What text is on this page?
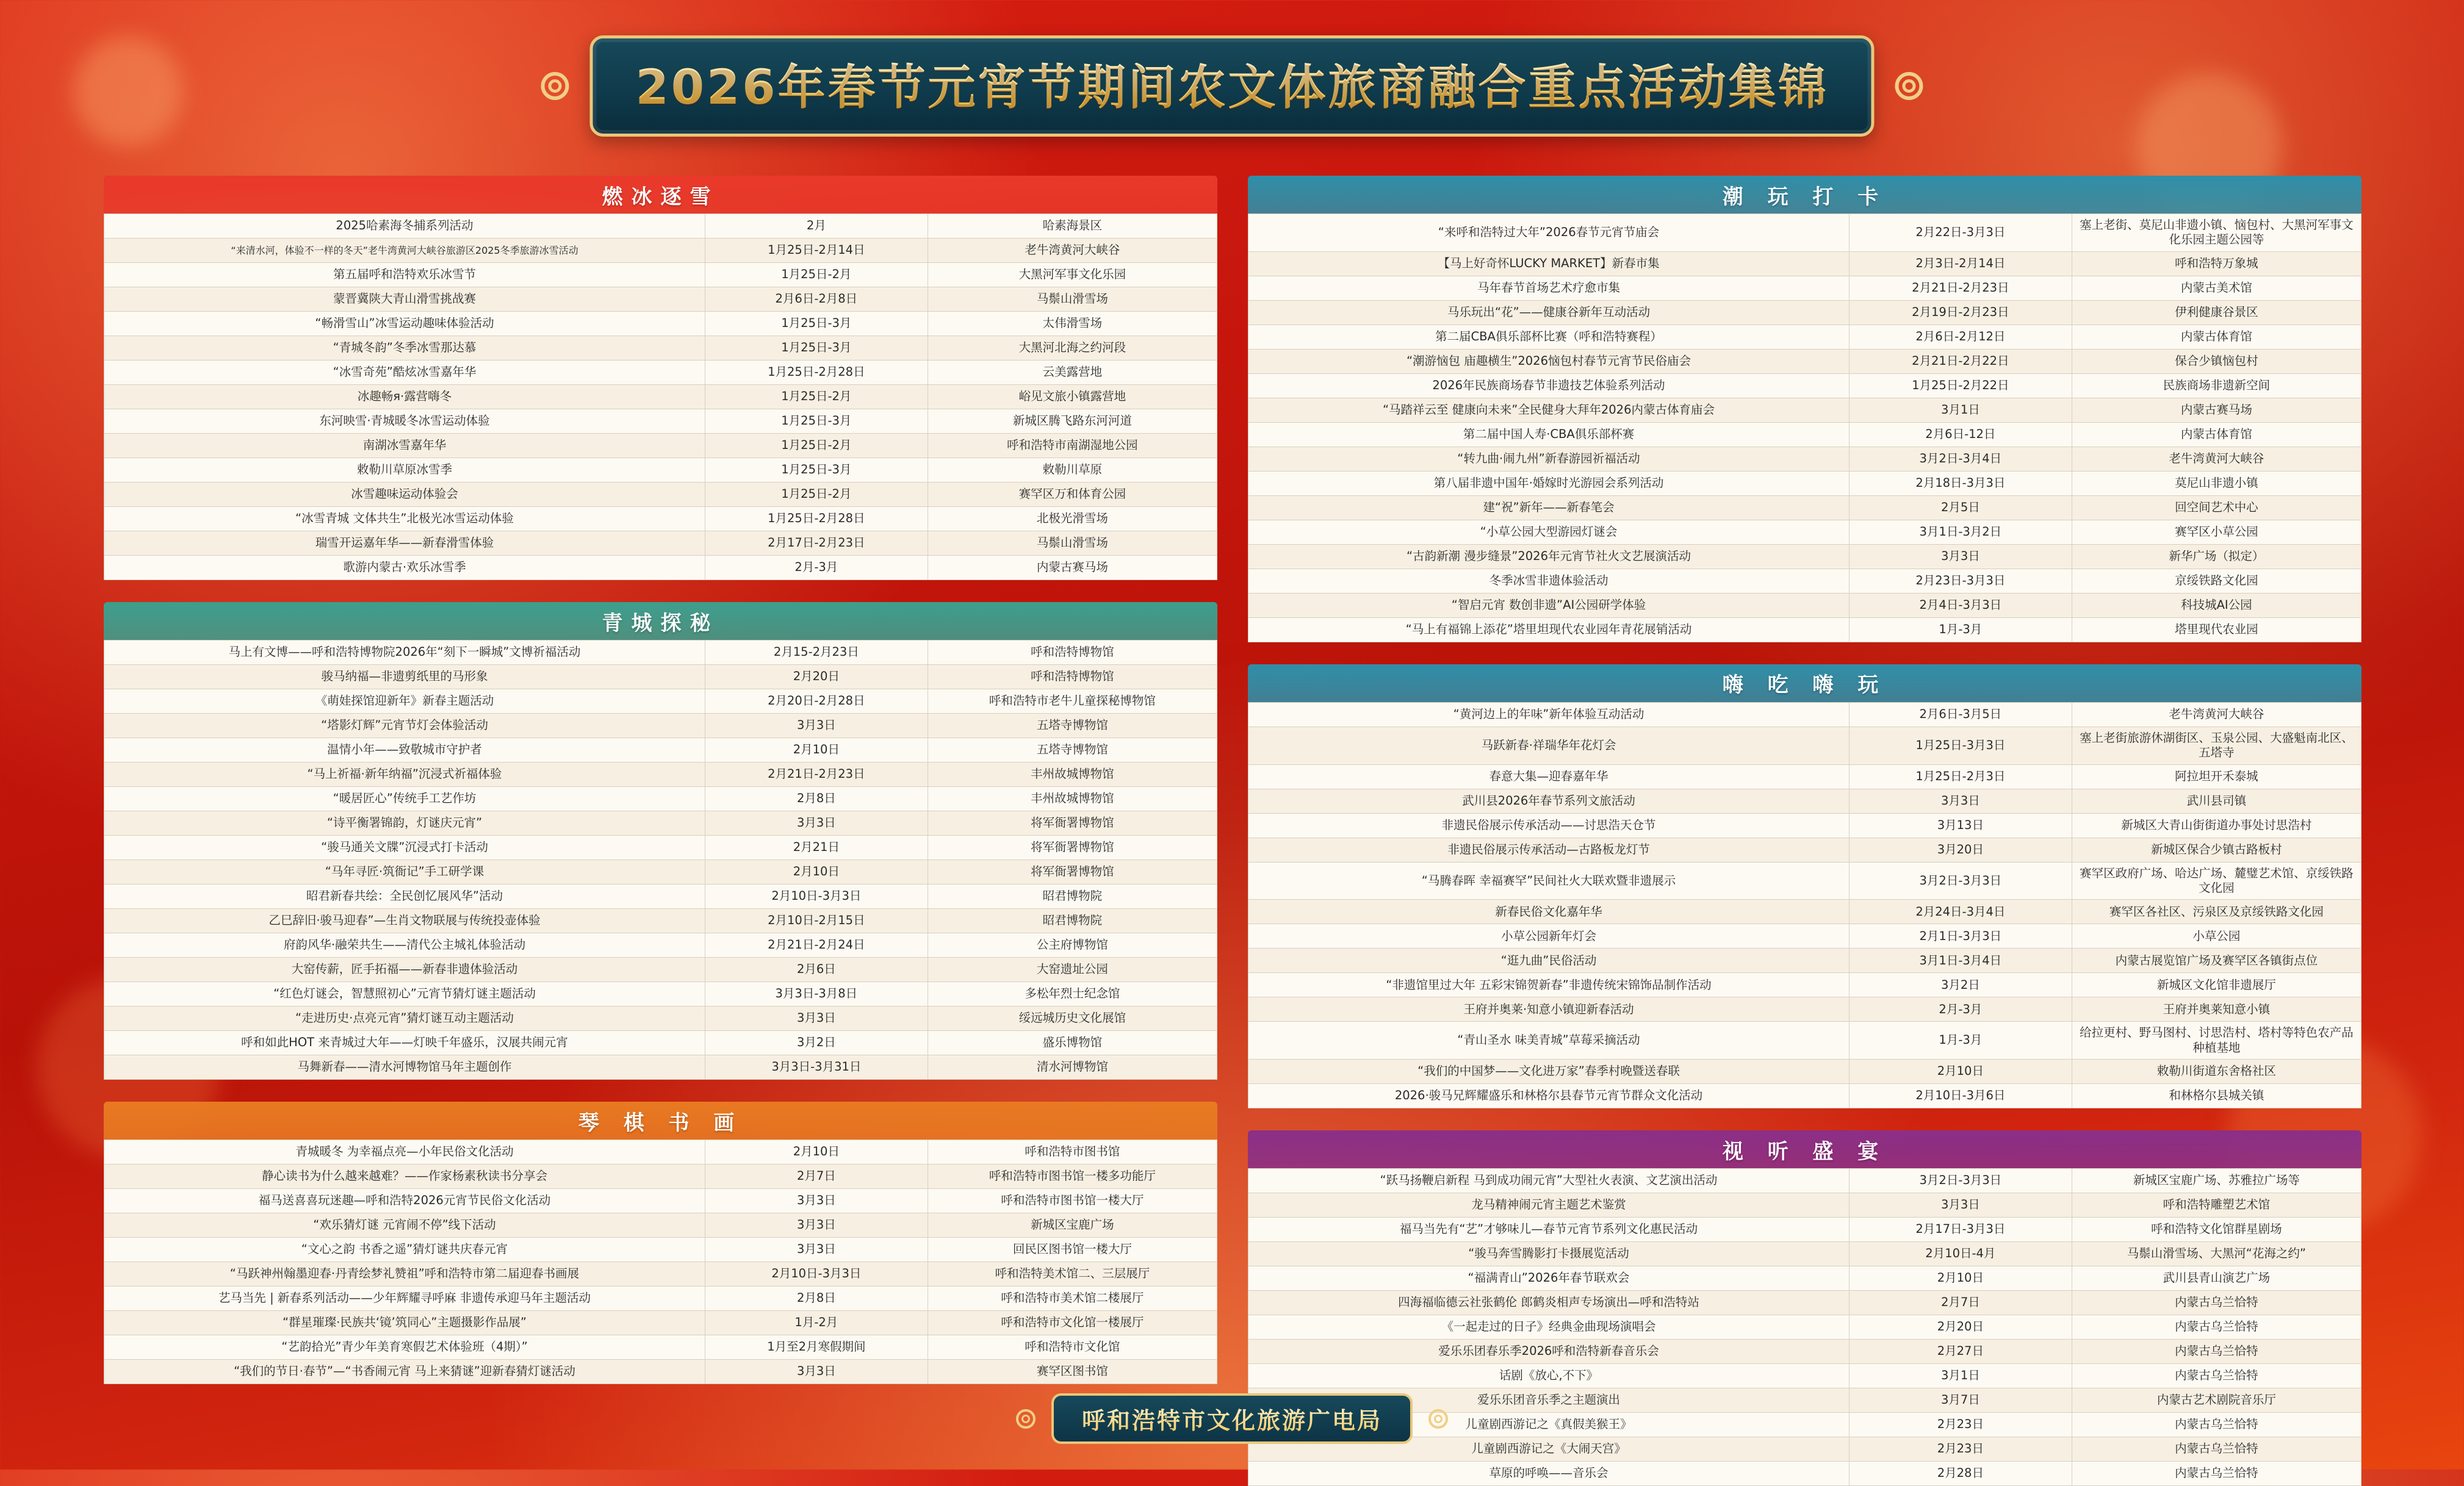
2026年春节元宵节期间农文体旅商融合重点活动集锦
燃冰逐雪
2025哈素海冬捕系列活动	2月	哈素海景区
“来清水河，体验不一样的冬天”老牛湾黄河大峡谷旅游区2025冬季旅游冰雪活动	1月25日-2月14日	老牛湾黄河大峡谷
第五届呼和浩特欢乐冰雪节	1月25日-2月	大黑河军事文化乐园
蒙晋冀陕大青山滑雪挑战赛	2月6日-2月8日	马鬃山滑雪场
“畅滑雪山”冰雪运动趣味体验活动	1月25日-3月	太伟滑雪场
“青城冬韵”冬季冰雪那达慕	1月25日-3月	大黑河北海之约河段
“冰雪奇苑”酷炫冰雪嘉年华	1月25日-2月28日	云美露营地
冰趣畅я·露营嗨冬	1月25日-2月	峪见文旅小镇露营地
东河映雪·青城暖冬冰雪运动体验	1月25日-3月	新城区腾飞路东河河道
南湖冰雪嘉年华	1月25日-2月	呼和浩特市南湖湿地公园
敕勒川草原冰雪季	1月25日-3月	敕勒川草原
冰雪趣味运动体验会	1月25日-2月	赛罕区万和体育公园
“冰雪青城 文体共生”北极光冰雪运动体验	1月25日-2月28日	北极光滑雪场
瑞雪开运嘉年华——新春滑雪体验	2月17日-2月23日	马鬃山滑雪场
歌游内蒙古·欢乐冰雪季	2月-3月	内蒙古赛马场
青城探秘
马上有文博——呼和浩特博物院2026年“刻下一瞬城”文博祈福活动	2月15-2月23日	呼和浩特博物馆
骏马纳福—非遗剪纸里的马形象	2月20日	呼和浩特博物馆
《萌娃探馆迎新年》新春主题活动	2月20日-2月28日	呼和浩特市老牛儿童探秘博物馆
“塔影灯辉”元宵节灯会体验活动	3月3日	五塔寺博物馆
温情小年——致敬城市守护者	2月10日	五塔寺博物馆
“马上祈福·新年纳福”沉浸式祈福体验	2月21日-2月23日	丰州故城博物馆
“暖居匠心”传统手工艺作坊	2月8日	丰州故城博物馆
“诗平衡署锦韵，灯谜庆元宵”	3月3日	将军衙署博物馆
“骏马通关文牒”沉浸式打卡活动	2月21日	将军衙署博物馆
“马年寻匠·筑衙记”手工研学课	2月10日	将军衙署博物馆
昭君新春共绘：全民创忆展风华”活动	2月10日-3月3日	昭君博物院
乙巳辞旧·骏马迎春”—生肖文物联展与传统投壶体验	2月10日-2月15日	昭君博物院
府韵风华·融荣共生——清代公主城礼体验活动	2月21日-2月24日	公主府博物馆
大窑传薪，匠手拓福——新春非遗体验活动	2月6日	大窑遗址公园
“红色灯谜会，智慧照初心”元宵节猜灯谜主题活动	3月3日-3月8日	多松年烈士纪念馆
“走进历史·点亮元宵”猜灯谜互动主题活动	3月3日	绥远城历史文化展馆
呼和如此HOT 来青城过大年——灯映千年盛乐，汉展共闹元宵	3月2日	盛乐博物馆
马舞新春——清水河博物馆马年主题创作	3月3日-3月31日	清水河博物馆
琴 棋 书 画
青城暖冬 为幸福点亮—小年民俗文化活动	2月10日	呼和浩特市图书馆
静心读书为什么越来越难？——作家杨素秋读书分享会	2月7日	呼和浩特市图书馆一楼多功能厅
福马送喜喜玩迷趣—呼和浩特2026元宵节民俗文化活动	3月3日	呼和浩特市图书馆一楼大厅
“欢乐猜灯谜 元宵闹不停”线下活动	3月3日	新城区宝鹿广场
“文心之韵 书香之遥”猜灯谜共庆春元宵	3月3日	回民区图书馆一楼大厅
“马跃神州翰墨迎春·丹青绘梦礼赞祖”呼和浩特市第二届迎春书画展	2月10日-3月3日	呼和浩特美术馆二、三层展厅
艺马当先 | 新春系列活动——少年辉耀寻呼麻 非遗传承迎马年主题活动	2月8日	呼和浩特市美术馆二楼展厅
“群星璀璨·民族共‘镜’筑同心”主题摄影作品展”	1月-2月	呼和浩特市文化馆一楼展厅
“艺韵拾光”青少年美育寒假艺术体验班（4期）”	1月至2月寒假期间	呼和浩特市文化馆
“我们的节日·春节”—“书香闹元宵 马上来猜谜”迎新春猜灯谜活动	3月3日	赛罕区图书馆
潮 玩 打 卡
“来呼和浩特过大年”2026春节元宵节庙会	2月22日-3月3日	塞上老街、莫尼山非遗小镇、恼包村、大黑河军事文化乐园主题公园等
【马上好奇怀LUCKY MARKET】新春市集	2月3日-2月14日	呼和浩特万象城
马年春节首场艺术疗愈市集	2月21日-2月23日	内蒙古美术馆
马乐玩出“花”——健康谷新年互动活动	2月19日-2月23日	伊利健康谷景区
第二届CBA俱乐部杯比赛（呼和浩特赛程）	2月6日-2月12日	内蒙古体育馆
“潮游恼包 庙趣横生”2026恼包村春节元宵节民俗庙会	2月21日-2月22日	保合少镇恼包村
2026年民族商场春节非遗技艺体验系列活动	1月25日-2月22日	民族商场非遗新空间
“马踏祥云至 健康向未来”全民健身大拜年2026内蒙古体育庙会	3月1日	内蒙古赛马场
第二届中国人寿·CBA俱乐部杯赛	2月6日-12日	内蒙古体育馆
“转九曲·闹九州”新春游园祈福活动	3月2日-3月4日	老牛湾黄河大峡谷
第八届非遗中国年·婚嫁时光游园会系列活动	2月18日-3月3日	莫尼山非遗小镇
建“祝”新年——新春笔会	2月5日	回空间艺术中心
“小草公园大型游园灯谜会	3月1日-3月2日	赛罕区小草公园
“古韵新潮 漫步缝景”2026年元宵节社火文艺展演活动	3月3日	新华广场（拟定）
冬季冰雪非遗体验活动	2月23日-3月3日	京绥铁路文化园
“智启元宵 数创非遗”AI公园研学体验	2月4日-3月3日	科技城AI公园
“马上有福锦上添花”塔里坦现代农业园年青花展销活动	1月-3月	塔里现代农业园
嗨 吃 嗨 玩
“黄河边上的年味”新年体验互动活动	2月6日-3月5日	老牛湾黄河大峡谷
马跃新春·祥瑞华年花灯会	1月25日-3月3日	塞上老街旅游休湖街区、玉泉公园、大盛魁南北区、五塔寺
春意大集—迎春嘉年华	1月25日-2月3日	阿拉坦开禾泰城
武川县2026年春节系列文旅活动	3月3日	武川县司镇
非遗民俗展示传承活动——讨思浩天仓节	3月13日	新城区大青山街街道办事处讨思浩村
非遗民俗展示传承活动—古路板龙灯节	3月20日	新城区保合少镇古路板村
“马腾春晖 幸福赛罕”民间社火大联欢暨非遗展示	3月2日-3月3日	赛罕区政府广场、哈达广场、麓璧艺术馆、京绥铁路文化园
新春民俗文化嘉年华	2月24日-3月4日	赛罕区各社区、污泉区及京绥铁路文化园
小草公园新年灯会	2月1日-3月3日	小草公园
“逛九曲”民俗活动	3月1日-3月4日	内蒙古展览馆广场及赛罕区各镇街点位
“非遗馆里过大年 五彩宋锦贺新春”非遗传统宋锦饰品制作活动	3月2日	新城区文化馆非遗展厅
王府并奥莱·知意小镇迎新春活动	2月-3月	王府并奥莱知意小镇
“青山圣水 味美青城”草莓采摘活动	1月-3月	给拉更村、野马图村、讨思浩村、塔村等特色农产品种植基地
“我们的中国梦——文化进万家”春季村晚暨送春联	2月10日	敕勒川街道东舍格社区
2026·骏马兄辉耀盛乐和林格尔县春节元宵节群众文化活动	2月10日-3月6日	和林格尔县城关镇
视 听 盛 宴
“跃马扬鞭启新程 马到成功闹元宵”大型社火表演、文艺演出活动	3月2日-3月3日	新城区宝鹿广场、苏雅拉广场等
龙马精神闹元宵主题艺术鉴赏	3月3日	呼和浩特雕塑艺术馆
福马当先有“艺”才够味儿—春节元宵节系列文化惠民活动	2月17日-3月3日	呼和浩特文化馆群星剧场
“骏马奔雪腾影打卡摄展览活动	2月10日-4月	马鬃山滑雪场、大黑河“花海之约”
“福满青山”2026年春节联欢会	2月10日	武川县青山演艺广场
四海福临德云社张鹤伦 郎鹤炎相声专场演出—呼和浩特站	2月7日	内蒙古乌兰恰特
《一起走过的日子》经典金曲现场演唱会	2月20日	内蒙古乌兰恰特
爱乐乐团春乐季2026呼和浩特新春音乐会	2月27日	内蒙古乌兰恰特
话剧《放心,不下》	3月1日	内蒙古乌兰恰特
爱乐乐团音乐季之主题演出	3月7日	内蒙古艺术剧院音乐厅
儿童剧西游记之《真假美猴王》	2月23日	内蒙古乌兰恰特
儿童剧西游记之《大闹天宫》	2月23日	内蒙古乌兰恰特
草原的呼唤——音乐会	2月28日	内蒙古乌兰恰特
呼和浩特市文化旅游广电局
